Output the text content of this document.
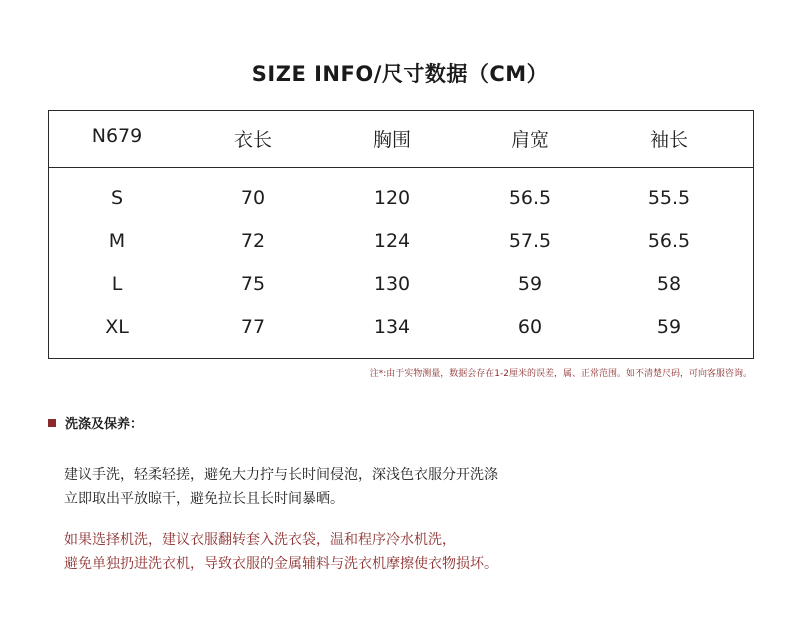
SIZE INFO/尺寸数据（CM）
N679	衣长	胸围	肩宽	袖长
S	70	120	56.5	55.5
M	72	124	57.5	56.5
L	75	130	59	58
XL	77	134	60	59
注*:由于实物测量，数据会存在1-2厘米的误差，属、正常范围。如不清楚尺码，可向客服咨询。
洗涤及保养：
建议手洗，轻柔轻搓，避免大力拧与长时间侵泡，深浅色衣服分开洗涤
立即取出平放晾干，避免拉长且长时间暴晒。
如果选择机洗，建议衣服翻转套入洗衣袋，温和程序冷水机洗，
避免单独扔进洗衣机，导致衣服的金属辅料与洗衣机摩擦使衣物损坏。
